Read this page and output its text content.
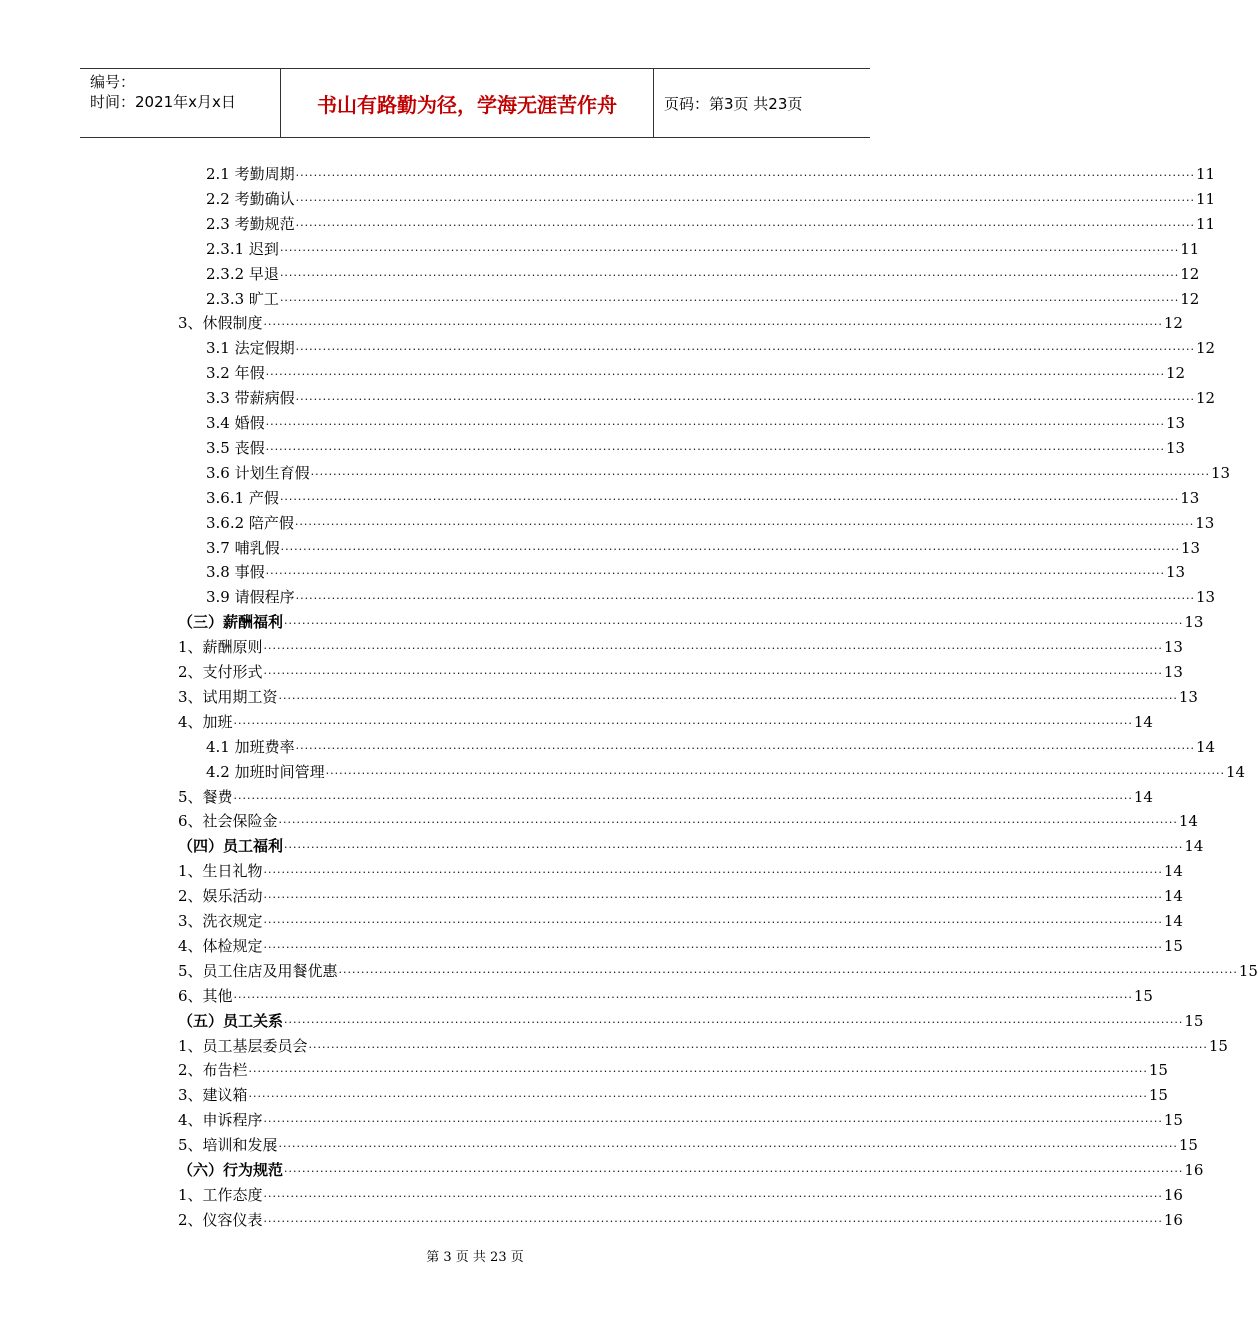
编号：
时间：2021年x月x日	书山有路勤为径，学海无涯苦作舟	页码：第3页 共23页
2.1 考勤周期 ········································································································································································································ 11
2.2 考勤确认 ········································································································································································································ 11
2.3 考勤规范 ········································································································································································································ 11
2.3.1 迟到 ········································································································································································································ 11
2.3.2 早退 ········································································································································································································ 12
2.3.3 旷工 ········································································································································································································ 12
3、休假制度 ········································································································································································································ 12
3.1 法定假期 ········································································································································································································ 12
3.2 年假 ········································································································································································································ 12
3.3 带薪病假 ········································································································································································································ 12
3.4 婚假 ········································································································································································································ 13
3.5 丧假 ········································································································································································································ 13
3.6 计划生育假 ········································································································································································································ 13
3.6.1 产假 ········································································································································································································ 13
3.6.2 陪产假 ········································································································································································································ 13
3.7 哺乳假 ········································································································································································································ 13
3.8 事假 ········································································································································································································ 13
3.9 请假程序 ········································································································································································································ 13
（三）薪酬福利 ········································································································································································································ 13
1、薪酬原则 ········································································································································································································ 13
2、支付形式 ········································································································································································································ 13
3、试用期工资 ········································································································································································································ 13
4、加班 ········································································································································································································ 14
4.1 加班费率 ········································································································································································································ 14
4.2 加班时间管理 ········································································································································································································ 14
5、餐费 ········································································································································································································ 14
6、社会保险金 ········································································································································································································ 14
（四）员工福利 ········································································································································································································ 14
1、生日礼物 ········································································································································································································ 14
2、娱乐活动 ········································································································································································································ 14
3、洗衣规定 ········································································································································································································ 14
4、体检规定 ········································································································································································································ 15
5、员工住店及用餐优惠 ········································································································································································································ 15
6、其他 ········································································································································································································ 15
（五）员工关系 ········································································································································································································ 15
1、员工基层委员会 ········································································································································································································ 15
2、布告栏 ········································································································································································································ 15
3、建议箱 ········································································································································································································ 15
4、申诉程序 ········································································································································································································ 15
5、培训和发展 ········································································································································································································ 15
（六）行为规范 ········································································································································································································ 16
1、工作态度 ········································································································································································································ 16
2、仪容仪表 ········································································································································································································ 16
第 3 页 共 23 页
